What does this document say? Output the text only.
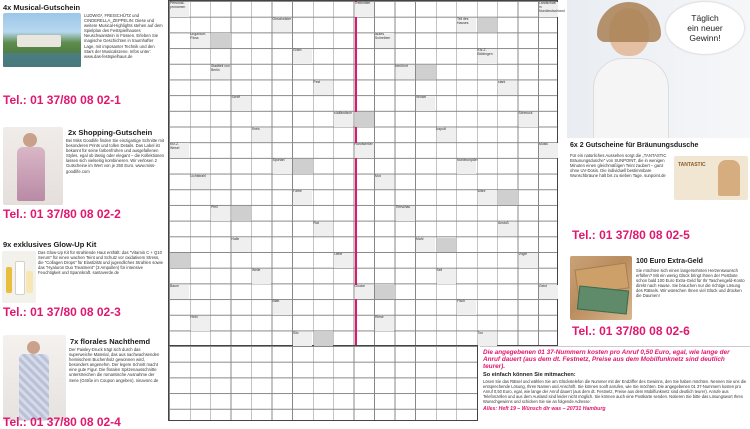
4x Musical-Gutschein
LUDWIG², FREISCHÜTZ und CINDERELLA_ZEPPELIN: Diese und weitere Musical-Highlights stehen auf dem Spielplan des Festspielhauses Neuschwanstein in Füssen. Erleben Sie magische Geschichten in traumhafter Lage, mit imposanter Technik und den Stars der Musicalszene. Infos unter: www.das-festspielhaus.de
Tel.: 01 37/80 08 02-1
2x Shopping-Gutschein
Bei Miss Goodlife finden Sie einzigartige Schnitte mit besonderen Prints und tollen Details. Das Label ist bekannt für seine farbenfrohen und ausgefallenen Styles, egal ob lässig oder elegant – die Kollektionen lassen sich vielseitig kombinieren. Wir verlosen 2 Gutscheine im Wert von je 250 Euro. www.miss-goodlife.com
Tel.: 01 37/80 08 02-2
9x exklusives Glow-Up Kit
Das Glow-Up Kit für strahlende Haut enthält: das "Vitamin C + Q10 Serum" für einen wachen Teint und Schutz vor oxidativem Stress, die "Collagen Drops" für Elastizität und jugendliches Strahlen sowie das "Hyaluron Duo Treatment" (3 Ampullen) für intensive Feuchtigkeit und Spannkraft. santaverde.de
Tel.: 01 37/80 08 02-3
7x florales Nachthemd
Der Paisley-Druck trägt sich durch das superweiche Material, das aus nachwachsenden heimischem Buchenholz gewonnen wird, besonders angenehm. Der legere Schnitt macht eine gute Figur. Die floralen Spitzenausschnitte unterstreichen die romantische Ausnahme der Serie (Größe im Coupon angeben). ninavonc.de
Tel.: 01 37/80 08 02-4
Personal-pronomen
Treibmittel	Landschaft in Norddeutschland
Geschwister	Teil des Hauses
ungarisch: Fluss
lautes Schreiben
Gram	Kfz-Z. Böblingen
Stadtteil von Berlin
berühmt
Fest	stark
Schiff	Winkel
südländisch	Schmuck
Kreis	kaputt
Kfz-Z. Wesel
Handwerker	Musik
Sportart	Nordeuropäer
Lichtstrahl	Mut
Farbe	Ware
Pfeil	Tierschau
Rat	Anstoß
Halle	Mahl
Liebe	Vogel
Welle	Seil
Baum	Glocke	Geist
Blatt	Fisch
Held	Riese
Sitz	Ton
6x 2 Gutscheine für Bräunungsdusche
Für ein natürliches Aussehen sorgt die „TANTASTIC Bräunungsdusche" von SUNPOINT, die in wenigen Minuten einen gleichmäßigen Teint zaubert – ganz ohne UV-Dosis. Die individuell bestimmbare Wunschbräune hält bis zu sieben Tage. sunpoint.de
TANTASTIC
Tel.: 01 37/80 08 02-5
100 Euro Extra-Geld
Sie möchten sich einen langersehnten Herzenswunsch erfüllen? Mit ein wenig Glück bringt Ihnen der Postbote schon bald 100 Euro Extra-Geld für Ihr Taschengeld-Konto direkt nach Hause. Sie brauchen nur die richtige Lösung des Rätsels. Wir wünschen Ihnen viel Glück und drücken die Daumen!
Tel.: 01 37/80 08 02-6
Täglich
ein neuer
Gewinn!

Die angegebenen 01 37-Nummern kosten pro Anruf 0,50 Euro, egal, wie lange der Anruf dauert (aus dem dt. Festnetz, Preise aus dem Mobilfunknetz sind deutlich teurer).

So einfach können Sie mitmachen:

Lösen Sie das Rätsel und wählen Sie am Glückstelefon die Nummer mit der Endziffer des Gewinns, den Sie haben möchten. Nennen Sie uns die entsprechende Lösung, Ihren Namen und Anschrift. Sie können sooft anrufen, wie Sie möchten. Die angegebenen 01 37-Nummern kosten pro Anruf 0,50 Euro, egal, wie lange der Anruf dauert (aus dem dt. Festnetz, Preise aus dem Mobilfunknetz sind deutlich teurer). Anrufe aus Telefonzellen und aus dem Ausland sind leider nicht möglich. Sie können auch eine Postkarte senden. Notieren Sie bitte das Lösungswort Ihres Wunschgewinns und schicken Sie sie an folgende Adresse:

Alles: Heft 19 – Wünsch dir was – 20731 Hamburg
